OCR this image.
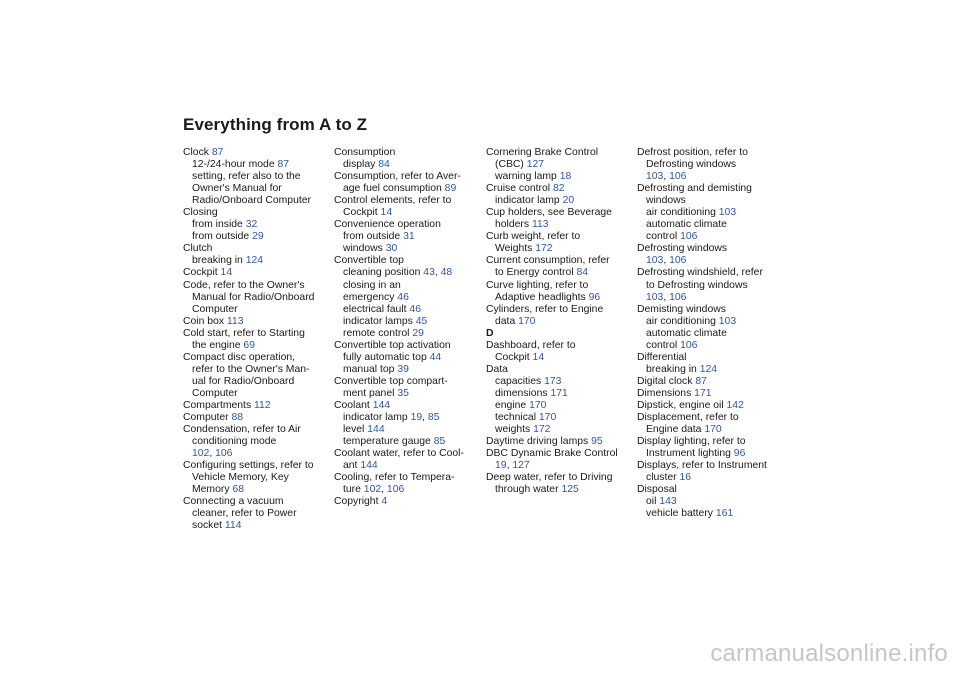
Everything from A to Z
Clock 87
12-/24-hour mode 87
setting, refer also to the
Owner's Manual for
Radio/Onboard Computer
Closing
from inside 32
from outside 29
Clutch
breaking in 124
Cockpit 14
Code, refer to the Owner's
Manual for Radio/Onboard
Computer
Coin box 113
Cold start, refer to Starting
the engine 69
Compact disc operation,
refer to the Owner's Man-
ual for Radio/Onboard
Computer
Compartments 112
Computer 88
Condensation, refer to Air
conditioning mode
102, 106
Configuring settings, refer to
Vehicle Memory, Key
Memory 68
Connecting a vacuum
cleaner, refer to Power
socket 114
Consumption
display 84
Consumption, refer to Aver-
age fuel consumption 89
Control elements, refer to
Cockpit 14
Convenience operation
from outside 31
windows 30
Convertible top
cleaning position 43, 48
closing in an
emergency 46
electrical fault 46
indicator lamps 45
remote control 29
Convertible top activation
fully automatic top 44
manual top 39
Convertible top compart-
ment panel 35
Coolant 144
indicator lamp 19, 85
level 144
temperature gauge 85
Coolant water, refer to Cool-
ant 144
Cooling, refer to Tempera-
ture 102, 106
Copyright 4
Cornering Brake Control
(CBC) 127
warning lamp 18
Cruise control 82
indicator lamp 20
Cup holders, see Beverage
holders 113
Curb weight, refer to
Weights 172
Current consumption, refer
to Energy control 84
Curve lighting, refer to
Adaptive headlights 96
Cylinders, refer to Engine
data 170
D
Dashboard, refer to
Cockpit 14
Data
capacities 173
dimensions 171
engine 170
technical 170
weights 172
Daytime driving lamps 95
DBC Dynamic Brake Control
19, 127
Deep water, refer to Driving
through water 125
Defrost position, refer to
Defrosting windows
103, 106
Defrosting and demisting
windows
air conditioning 103
automatic climate
control 106
Defrosting windows
103, 106
Defrosting windshield, refer
to Defrosting windows
103, 106
Demisting windows
air conditioning 103
automatic climate
control 106
Differential
breaking in 124
Digital clock 87
Dimensions 171
Dipstick, engine oil 142
Displacement, refer to
Engine data 170
Display lighting, refer to
Instrument lighting 96
Displays, refer to Instrument
cluster 16
Disposal
oil 143
vehicle battery 161
carmanualsonline.info
